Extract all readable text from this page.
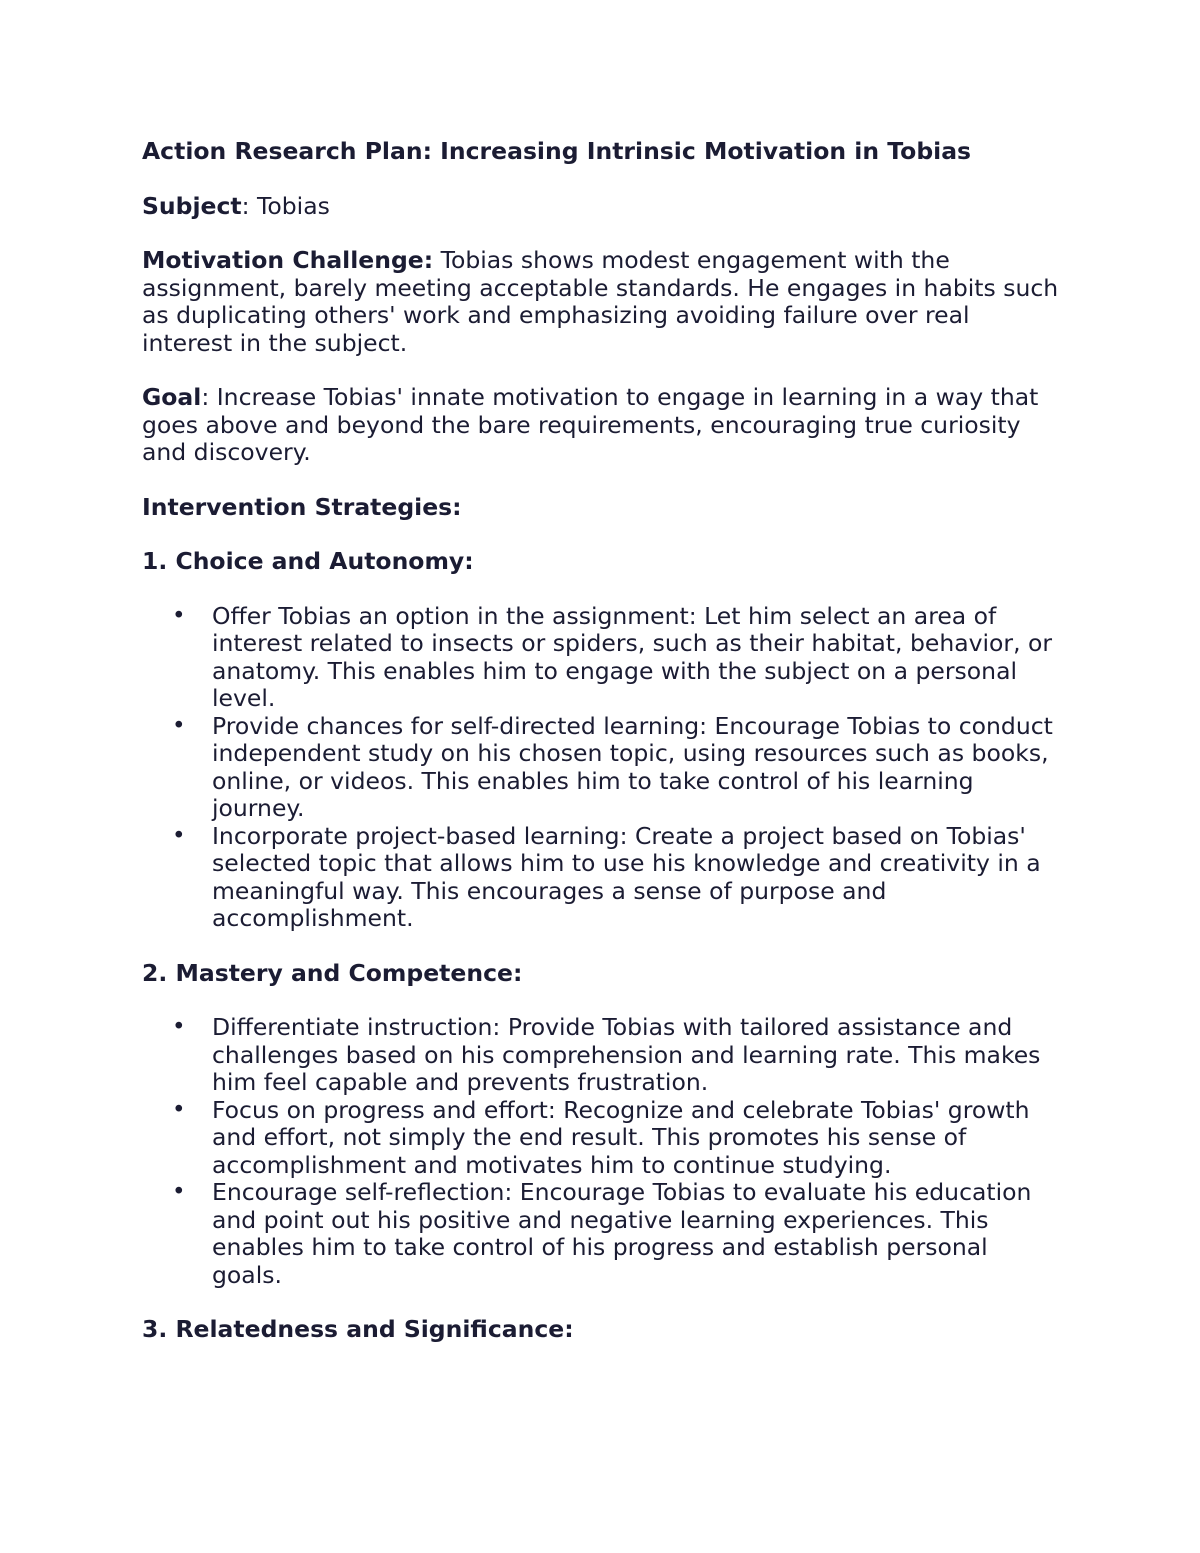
Action Research Plan: Increasing Intrinsic Motivation in Tobias

Subject: Tobias

Motivation Challenge: Tobias shows modest engagement with the assignment, barely meeting acceptable standards. He engages in habits such as duplicating others' work and emphasizing avoiding failure over real interest in the subject.

Goal: Increase Tobias' innate motivation to engage in learning in a way that goes above and beyond the bare requirements, encouraging true curiosity and discovery.

Intervention Strategies:

1. Choice and Autonomy:

• Offer Tobias an option in the assignment: Let him select an area of interest related to insects or spiders, such as their habitat, behavior, or anatomy. This enables him to engage with the subject on a personal level.
• Provide chances for self-directed learning: Encourage Tobias to conduct independent study on his chosen topic, using resources such as books, online, or videos. This enables him to take control of his learning journey.
• Incorporate project-based learning: Create a project based on Tobias' selected topic that allows him to use his knowledge and creativity in a meaningful way. This encourages a sense of purpose and accomplishment.

2. Mastery and Competence:

• Differentiate instruction: Provide Tobias with tailored assistance and challenges based on his comprehension and learning rate. This makes him feel capable and prevents frustration.
• Focus on progress and effort: Recognize and celebrate Tobias' growth and effort, not simply the end result. This promotes his sense of accomplishment and motivates him to continue studying.
• Encourage self-reflection: Encourage Tobias to evaluate his education and point out his positive and negative learning experiences. This enables him to take control of his progress and establish personal goals.

3. Relatedness and Significance:
